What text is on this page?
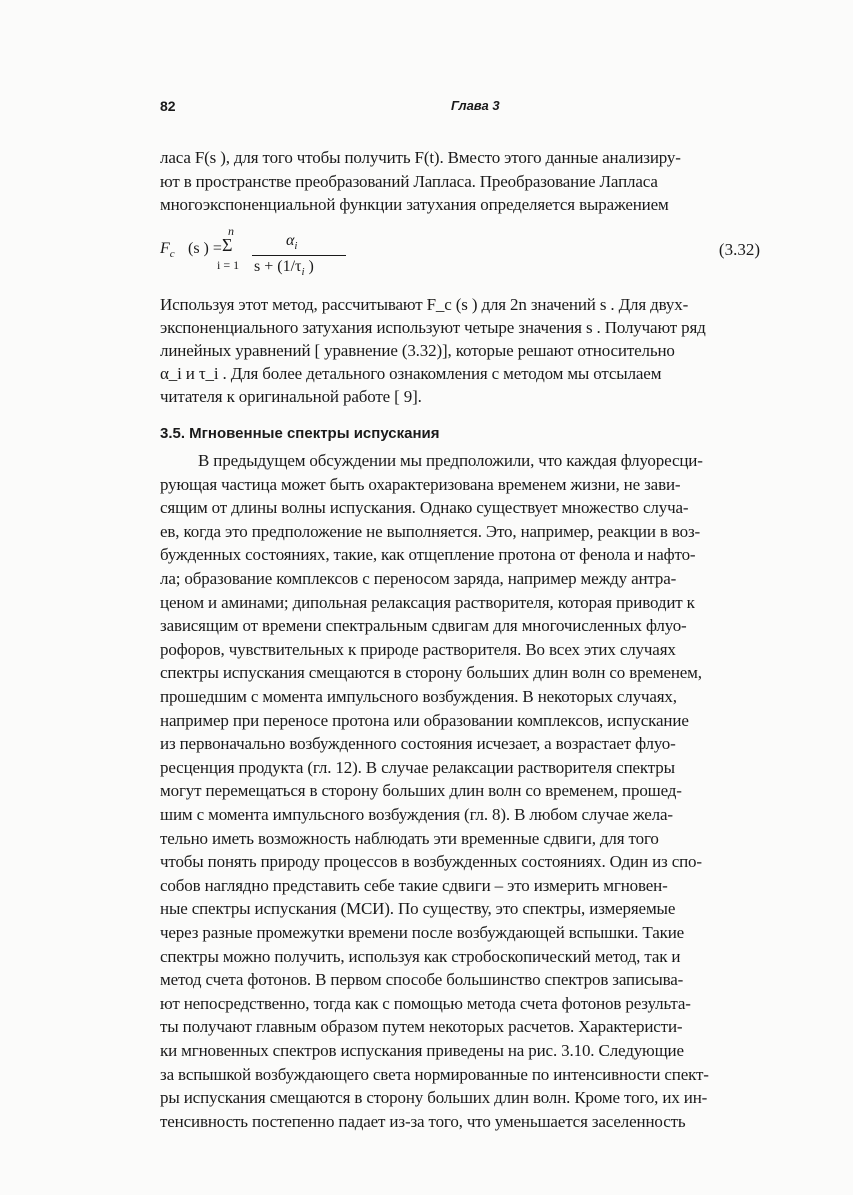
82	Глава 3
ласа F(s ), для того чтобы получить F(t). Вместо этого данные анализиру-
ют в пространстве преобразований Лапласа. Преобразование Лапласа
многоэкспоненциальной функции затухания определяется выражением
$F_c$ (s ) =
n
Σ
i = 1
$\alpha_i$
$s + (1/\tau_i$ )
(3.32)
Используя этот метод, рассчитывают F_c (s ) для 2n значений s . Для двух-
экспоненциального затухания используют четыре значения s . Получают ряд
линейных уравнений [ уравнение (3.32)], которые решают относительно
α_i и τ_i . Для более детального ознакомления с методом мы отсылаем
читателя к оригинальной работе [ 9].
3.5. Мгновенные спектры испускания
В предыдущем обсуждении мы предположили, что каждая флуоресци-
рующая частица может быть охарактеризована временем жизни, не зави-
сящим от длины волны испускания. Однако существует множество случа-
ев, когда это предположение не выполняется. Это, например, реакции в воз-
бужденных состояниях, такие, как отщепление протона от фенола и нафто-
ла; образование комплексов с переносом заряда, например между антра-
ценом и аминами; дипольная релаксация растворителя, которая приводит к
зависящим от времени спектральным сдвигам для многочисленных флуо-
рофоров, чувствительных к природе растворителя. Во всех этих случаях
спектры испускания смещаются в сторону больших длин волн со временем,
прошедшим с момента импульсного возбуждения. В некоторых случаях,
например при переносе протона или образовании комплексов, испускание
из первоначально возбужденного состояния исчезает, а возрастает флуо-
ресценция продукта (гл. 12). В случае релаксации растворителя спектры
могут перемещаться в сторону больших длин волн со временем, прошед-
шим с момента импульсного возбуждения (гл. 8). В любом случае жела-
тельно иметь возможность наблюдать эти временные сдвиги, для того
чтобы понять природу процессов в возбужденных состояниях. Один из спо-
собов наглядно представить себе такие сдвиги – это измерить мгновен-
ные спектры испускания (МСИ). По существу, это спектры, измеряемые
через разные промежутки времени после возбуждающей вспышки. Такие
спектры можно получить, используя как стробоскопический метод, так и
метод счета фотонов. В первом способе большинство спектров записыва-
ют непосредственно, тогда как с помощью метода счета фотонов результа-
ты получают главным образом путем некоторых расчетов. Характеристи-
ки мгновенных спектров испускания приведены на рис. 3.10. Следующие
за вспышкой возбуждающего света нормированные по интенсивности спект-
ры испускания смещаются в сторону больших длин волн. Кроме того, их ин-
тенсивность постепенно падает из-за того, что уменьшается заселенность
